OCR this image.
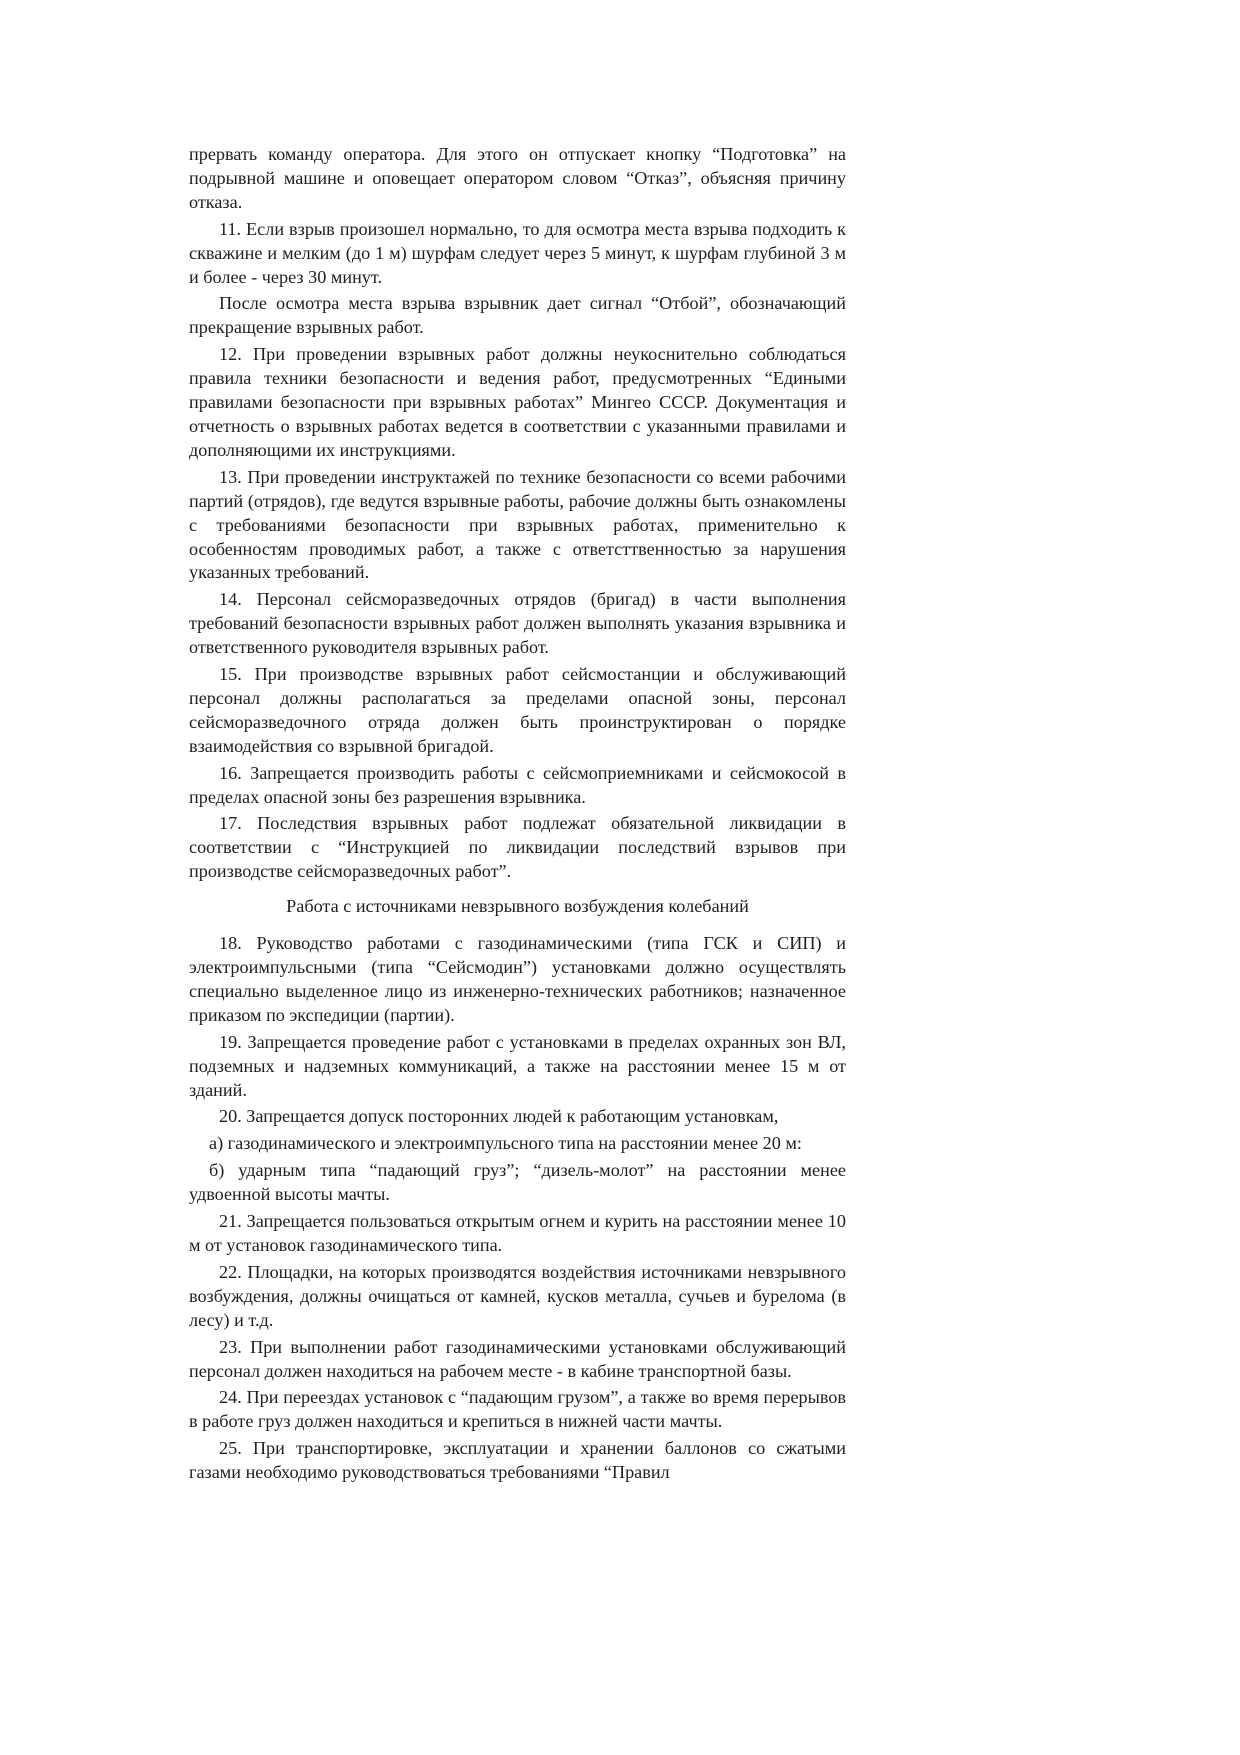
прервать команду оператора. Для этого он отпускает кнопку “Подготовка” на подрывной машине и оповещает оператором словом “Отказ”, объясняя причину отказа.

11. Если взрыв произошел нормально, то для осмотра места взрыва подходить к скважине и мелким (до 1 м) шурфам следует через 5 минут, к шурфам глубиной 3 м и более - через 30 минут.

После осмотра места взрыва взрывник дает сигнал “Отбой”, обозначающий прекращение взрывных работ.

12. При проведении взрывных работ должны неукоснительно соблюдаться правила техники безопасности и ведения работ, предусмотренных “Едиными правилами безопасности при взрывных работах” Мингео СССР. Документация и отчетность о взрывных работах ведется в соответствии с указанными правилами и дополняющими их инструкциями.

13. При проведении инструктажей по технике безопасности со всеми рабочими партий (отрядов), где ведутся взрывные работы, рабочие должны быть ознакомлены с требованиями безопасности при взрывных работах, применительно к особенностям проводимых работ, а также с ответсттвенностью за нарушения указанных требований.

14. Персонал сейсморазведочных отрядов (бригад) в части выполнения требований безопасности взрывных работ должен выполнять указания взрывника и ответственного руководителя взрывных работ.

15. При производстве взрывных работ сейсмостанции и обслуживающий персонал должны располагаться за пределами опасной зоны, персонал сейсморазведочного отряда должен быть проинструктирован о порядке взаимодействия со взрывной бригадой.

16. Запрещается производить работы с сейсмоприемниками и сейсмокосой в пределах опасной зоны без разрешения взрывника.

17. Последствия взрывных работ подлежат обязательной ликвидации в соответствии с “Инструкцией по ликвидации последствий взрывов при производстве сейсморазведочных работ”.

Работа с источниками невзрывного возбуждения колебаний

18. Руководство работами с газодинамическими (типа ГСК и СИП) и электроимпульсными (типа “Сейсмодин”) установками должно осуществлять специально выделенное лицо из инженерно-технических работников; назначенное приказом по экспедиции (партии).

19. Запрещается проведение работ с установками в пределах охранных зон ВЛ, подземных и надземных коммуникаций, а также на расстоянии менее 15 м от зданий.

20. Запрещается допуск посторонних людей к работающим установкам,

а) газодинамического и электроимпульсного типа на расстоянии менее 20 м:

б) ударным типа “падающий груз”; “дизель-молот” на расстоянии менее удвоенной высоты мачты.

21. Запрещается пользоваться открытым огнем и курить на расстоянии менее 10 м от установок газодинамического типа.

22. Площадки, на которых производятся воздействия источниками невзрывного возбуждения, должны очищаться от камней, кусков металла, сучьев и бурелома (в лесу) и т.д.

23. При выполнении работ газодинамическими установками обслуживающий персонал должен находиться на рабочем месте - в кабине транспортной базы.

24. При переездах установок с “падающим грузом”, а также во время перерывов в работе груз должен находиться и крепиться в нижней части мачты.

25. При транспортировке, эксплуатации и хранении баллонов со сжатыми газами необходимо руководствоваться требованиями “Правил
